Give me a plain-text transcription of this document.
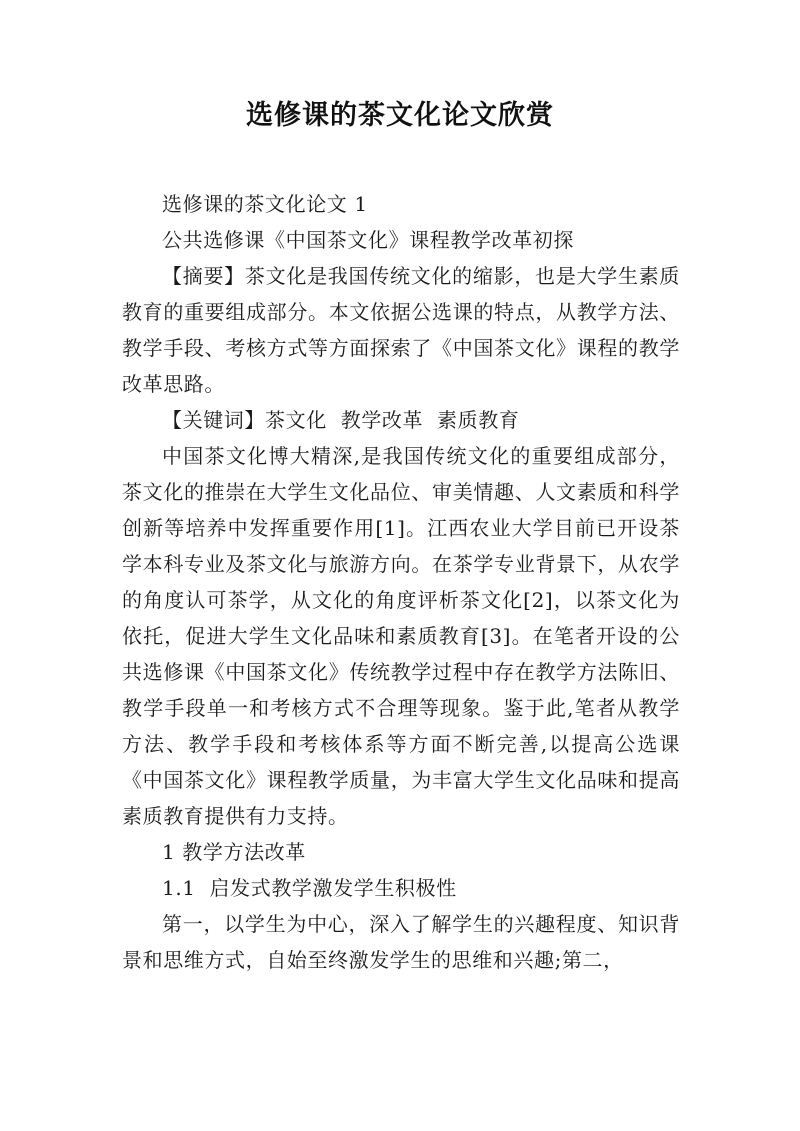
选修课的茶文化论文欣赏

选修课的茶文化论文 1

公共选修课《中国茶文化》课程教学改革初探

【摘要】茶文化是我国传统文化的缩影，也是大学生素质教育的重要组成部分。本文依据公选课的特点，从教学方法、教学手段、考核方式等方面探索了《中国茶文化》课程的教学改革思路。

【关键词】茶文化  教学改革  素质教育

中国茶文化博大精深,是我国传统文化的重要组成部分，茶文化的推崇在大学生文化品位、审美情趣、人文素质和科学创新等培养中发挥重要作用[1]。江西农业大学目前已开设茶学本科专业及茶文化与旅游方向。在茶学专业背景下，从农学的角度认可茶学，从文化的角度评析茶文化[2]，以茶文化为依托，促进大学生文化品味和素质教育[3]。在笔者开设的公共选修课《中国茶文化》传统教学过程中存在教学方法陈旧、教学手段单一和考核方式不合理等现象。鉴于此,笔者从教学方法、教学手段和考核体系等方面不断完善,以提高公选课《中国茶文化》课程教学质量，为丰富大学生文化品味和提高素质教育提供有力支持。

1 教学方法改革

1.1  启发式教学激发学生积极性

第一，以学生为中心，深入了解学生的兴趣程度、知识背景和思维方式，自始至终激发学生的思维和兴趣;第二，
